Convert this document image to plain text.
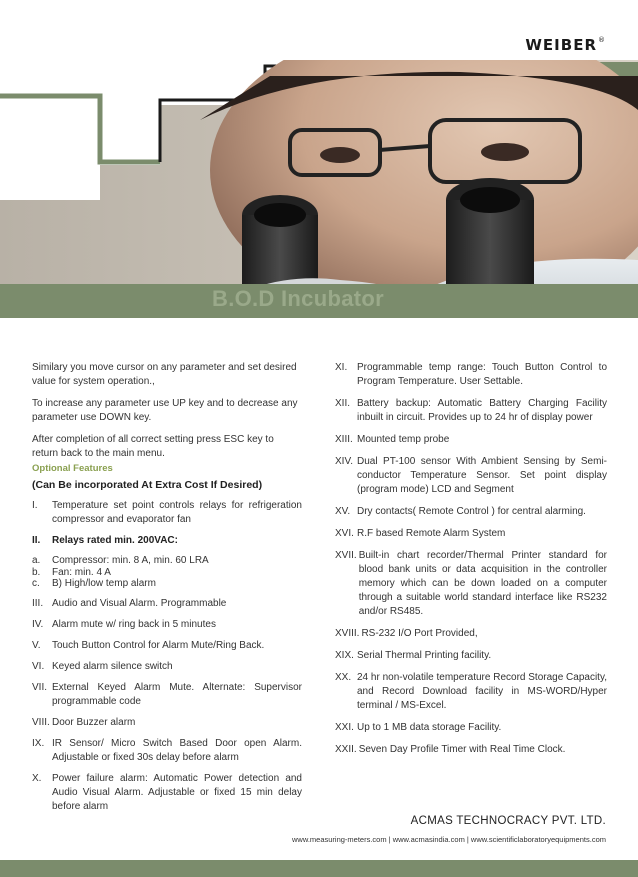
WEIBER®
B.O.D Incubator

Similary you move cursor on any parameter and set desired value for system operation.,

To increase any parameter use UP key and to decrease any parameter use DOWN key.

After completion of all correct setting press ESC key to return back to the main menu.

Optional Features
(Can Be incorporated At Extra Cost If Desired)
I.	Temperature set point controls relays for refrigeration compressor and evaporator fan
II.	Relays rated min. 200VAC:
a.	Compressor: min. 8 A, min. 60 LRA
b.	Fan: min. 4 A
c.	B) High/low temp alarm
III. Audio and Visual Alarm. Programmable
IV. Alarm mute w/ ring back in 5 minutes
V.	Touch Button Control for Alarm Mute/Ring Back.
VI. Keyed alarm silence switch
VII. External Keyed Alarm Mute. Alternate: Supervisor programmable code
VIII. Door Buzzer alarm
IX. IR Sensor/ Micro Switch Based Door open Alarm. Adjustable or fixed 30s delay before alarm
X.	Power failure alarm: Automatic Power detection and Audio Visual Alarm. Adjustable or fixed 15 min delay before alarm
XI. Programmable temp range: Touch Button Control to Program Temperature. User Settable.
XII. Battery backup: Automatic Battery Charging Facility inbuilt in circuit. Provides up to 24 hr of display power
XIII. Mounted temp probe
XIV. Dual PT-100 sensor With Ambient Sensing by Semi-conductor Temperature Sensor. Set point display (program mode) LCD and Segment
XV. Dry contacts( Remote Control ) for central alarming.
XVI. R.F based Remote Alarm System
XVII. Built-in chart recorder/Thermal Printer standard for blood bank units or data acquisition in the controller memory which can be down loaded on a computer through a suitable world standard interface like RS232 and/or RS485.
XVIII. RS-232 I/O Port Provided,
XIX. Serial Thermal Printing facility.
XX. 24 hr non-volatile temperature Record Storage Capacity, and Record Download facility in MS-WORD/Hyper terminal / MS-Excel.
XXI. Up to 1 MB data storage Facility.
XXII. Seven Day Profile Timer with Real Time Clock.
ACMAS TECHNOCRACY PVT. LTD.
www.measuring-meters.com | www.acmasindia.com | www.scientificlaboratoryequipments.com
